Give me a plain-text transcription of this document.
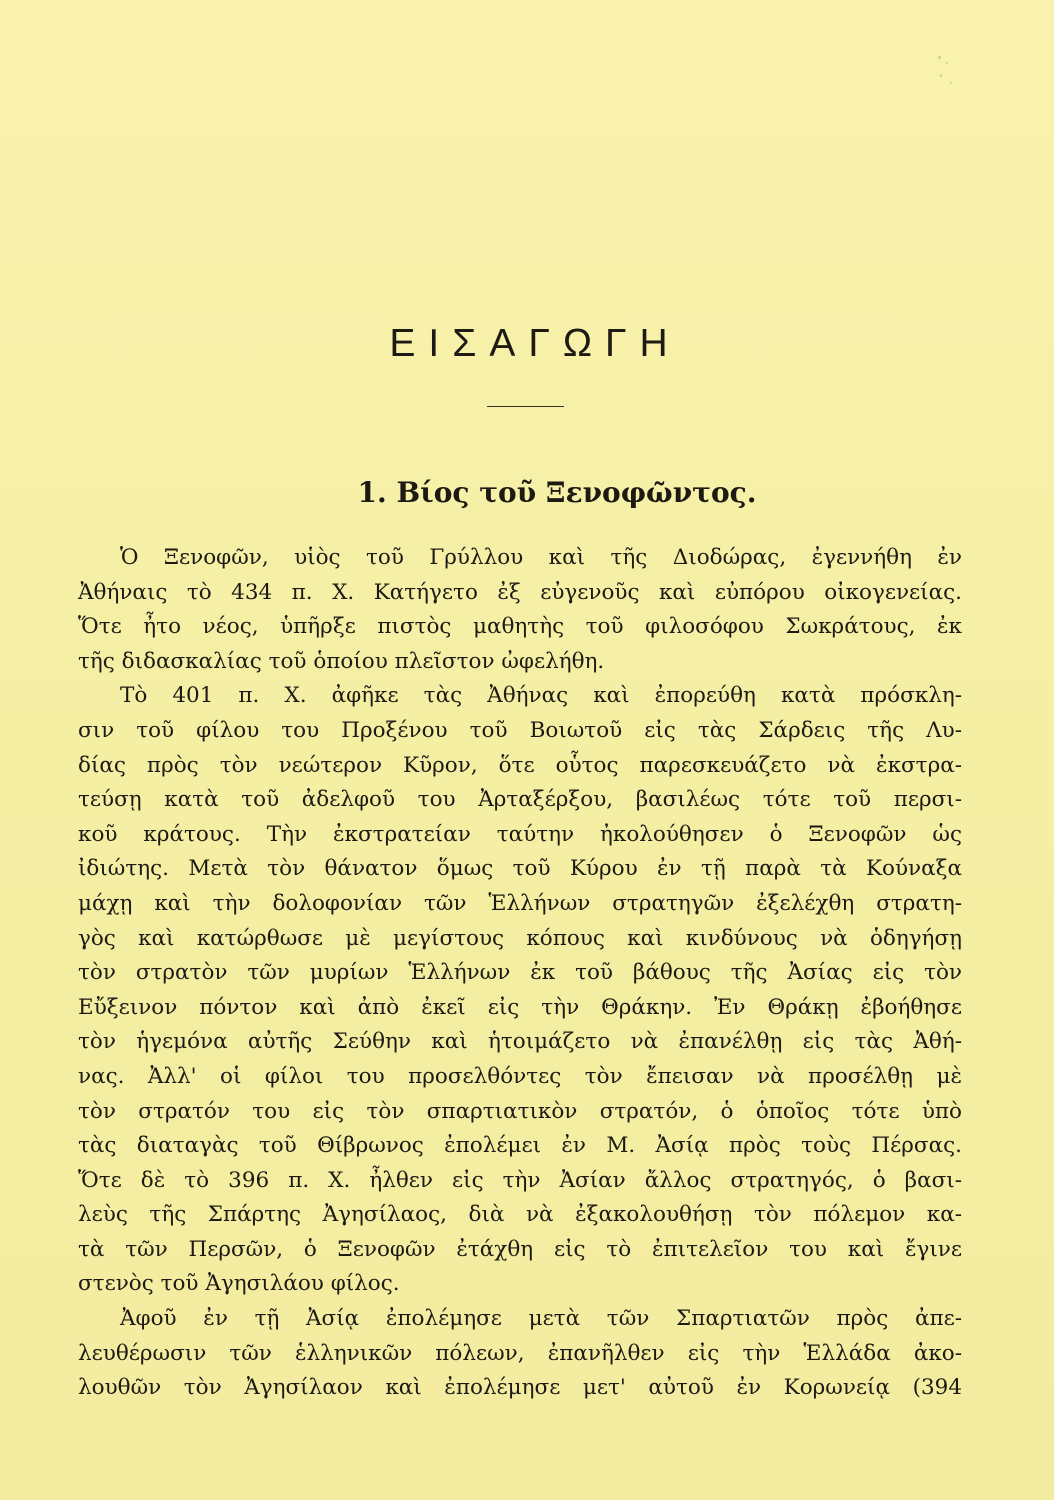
ΕΙΣΑΓΩΓΗ
1. Βίος τοῦ Ξενοφῶντος.
Ὁ Ξενοφῶν, υἱὸς τοῦ Γρύλλου καὶ τῆς Διοδώρας, ἐγεννήθη ἐν
Ἀθήναις τὸ 434 π. Χ. Κατήγετο ἐξ εὐγενοῦς καὶ εὐπόρου οἰκογενείας.
Ὅτε ἦτο νέος, ὑπῆρξε πιστὸς μαθητὴς τοῦ φιλοσόφου Σωκράτους, ἐκ
τῆς διδασκαλίας τοῦ ὁποίου πλεῖστον ὠφελήθη.
Τὸ 401 π. Χ. ἀφῆκε τὰς Ἀθήνας καὶ ἐπορεύθη κατὰ πρόσκλη-
σιν τοῦ φίλου του Προξένου τοῦ Βοιωτοῦ εἰς τὰς Σάρδεις τῆς Λυ-
δίας πρὸς τὸν νεώτερον Κῦρον, ὅτε οὗτος παρεσκευάζετο νὰ ἐκστρα-
τεύσῃ κατὰ τοῦ ἀδελφοῦ του Ἀρταξέρξου, βασιλέως τότε τοῦ περσι-
κοῦ κράτους. Τὴν ἐκστρατείαν ταύτην ἠκολούθησεν ὁ Ξενοφῶν ὡς
ἰδιώτης. Μετὰ τὸν θάνατον ὅμως τοῦ Κύρου ἐν τῇ παρὰ τὰ Κούναξα
μάχῃ καὶ τὴν δολοφονίαν τῶν Ἑλλήνων στρατηγῶν ἐξελέχθη στρατη-
γὸς καὶ κατώρθωσε μὲ μεγίστους κόπους καὶ κινδύνους νὰ ὁδηγήσῃ
τὸν στρατὸν τῶν μυρίων Ἑλλήνων ἐκ τοῦ βάθους τῆς Ἀσίας εἰς τὸν
Εὔξεινον πόντον καὶ ἀπὸ ἐκεῖ εἰς τὴν Θράκην. Ἐν Θράκῃ ἐβοήθησε
τὸν ἡγεμόνα αὐτῆς Σεύθην καὶ ἡτοιμάζετο νὰ ἐπανέλθῃ εἰς τὰς Ἀθή-
νας. Ἀλλ' οἱ φίλοι του προσελθόντες τὸν ἔπεισαν νὰ προσέλθῃ μὲ
τὸν στρατόν του εἰς τὸν σπαρτιατικὸν στρατόν, ὁ ὁποῖος τότε ὑπὸ
τὰς διαταγὰς τοῦ Θίβρωνος ἐπολέμει ἐν Μ. Ἀσίᾳ πρὸς τοὺς Πέρσας.
Ὅτε δὲ τὸ 396 π. Χ. ἦλθεν εἰς τὴν Ἀσίαν ἄλλος στρατηγός, ὁ βασι-
λεὺς τῆς Σπάρτης Ἀγησίλαος, διὰ νὰ ἐξακολουθήσῃ τὸν πόλεμον κα-
τὰ τῶν Περσῶν, ὁ Ξενοφῶν ἐτάχθη εἰς τὸ ἐπιτελεῖον του καὶ ἔγινε
στενὸς τοῦ Ἀγησιλάου φίλος.
Ἀφοῦ ἐν τῇ Ἀσίᾳ ἐπολέμησε μετὰ τῶν Σπαρτιατῶν πρὸς ἀπε-
λευθέρωσιν τῶν ἑλληνικῶν πόλεων, ἐπανῆλθεν εἰς τὴν Ἑλλάδα ἀκο-
λουθῶν τὸν Ἀγησίλαον καὶ ἐπολέμησε μετ' αὐτοῦ ἐν Κορωνείᾳ (394
